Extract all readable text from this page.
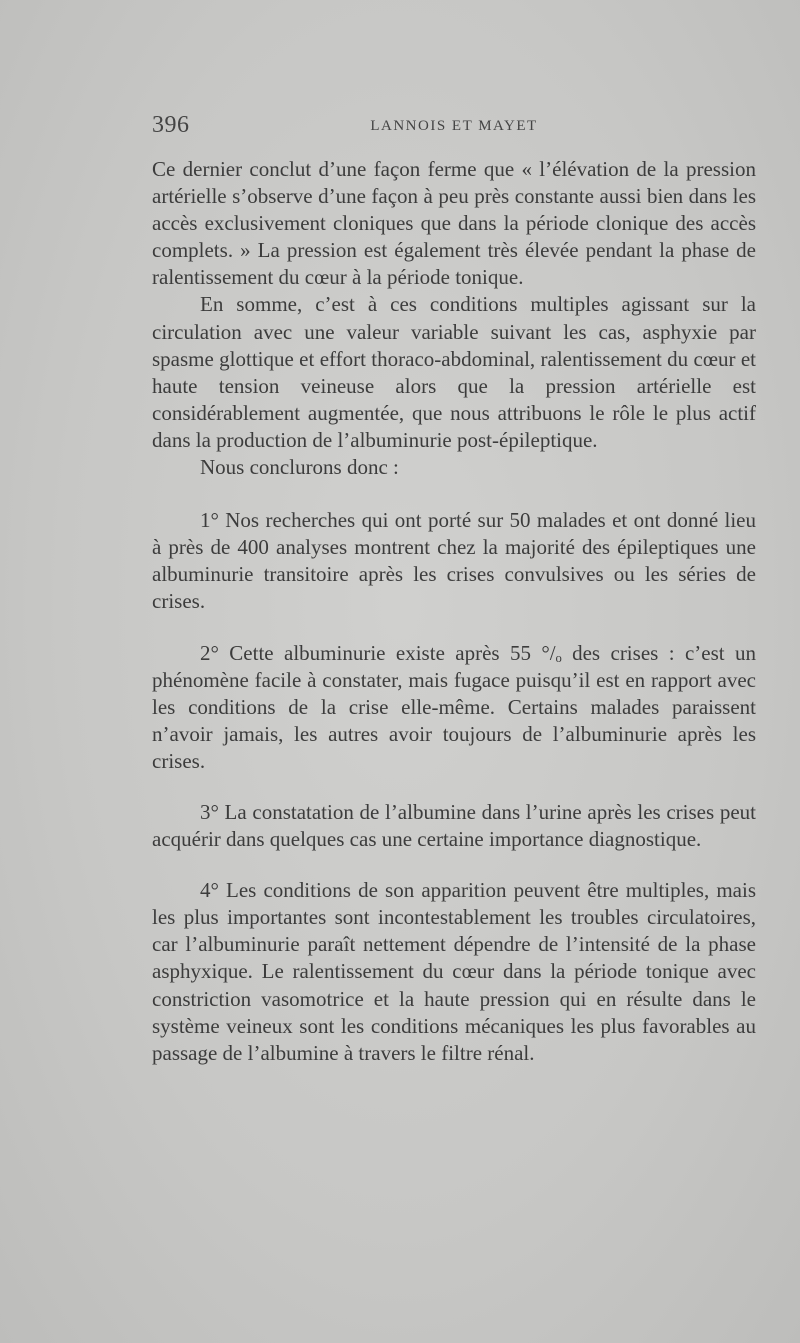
396	LANNOIS ET MAYET

Ce dernier conclut d’une façon ferme que « l’élévation de la pression artérielle s’observe d’une façon à peu près constante aussi bien dans les accès exclusivement cloniques que dans la période clonique des accès complets. » La pression est également très élevée pendant la phase de ralentissement du cœur à la période tonique.

En somme, c’est à ces conditions multiples agissant sur la circulation avec une valeur variable suivant les cas, asphyxie par spasme glottique et effort thoraco-abdominal, ralentissement du cœur et haute tension veineuse alors que la pression artérielle est considérablement augmentée, que nous attribuons le rôle le plus actif dans la production de l’albuminurie post-épileptique.

Nous conclurons donc :

1° Nos recherches qui ont porté sur 50 malades et ont donné lieu à près de 400 analyses montrent chez la majorité des épileptiques une albuminurie transitoire après les crises convulsives ou les séries de crises.

2° Cette albuminurie existe après 55 °/ₒ des crises : c’est un phénomène facile à constater, mais fugace puisqu’il est en rapport avec les conditions de la crise elle-même. Certains malades paraissent n’avoir jamais, les autres avoir toujours de l’albuminurie après les crises.

3° La constatation de l’albumine dans l’urine après les crises peut acquérir dans quelques cas une certaine importance diagnostique.

4° Les conditions de son apparition peuvent être multiples, mais les plus importantes sont incontestablement les troubles circulatoires, car l’albuminurie paraît nettement dépendre de l’intensité de la phase asphyxique. Le ralentissement du cœur dans la période tonique avec constriction vasomotrice et la haute pression qui en résulte dans le système veineux sont les conditions mécaniques les plus favorables au passage de l’albumine à travers le filtre rénal.
